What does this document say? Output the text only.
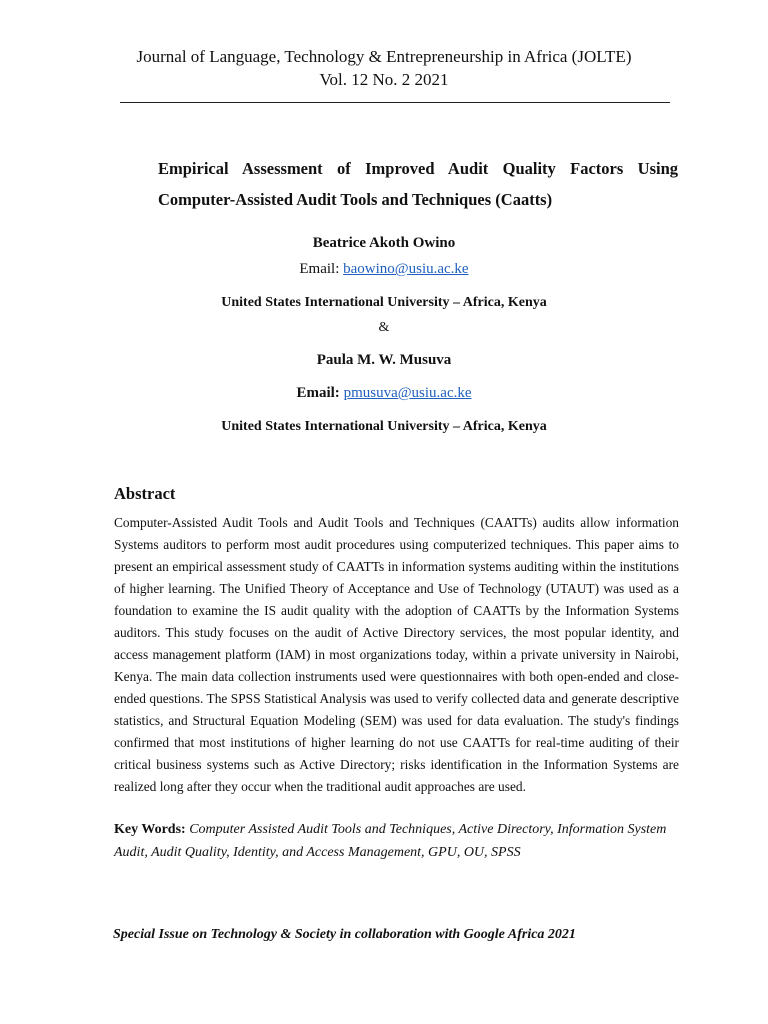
Journal of Language, Technology & Entrepreneurship in Africa (JOLTE)
Vol. 12 No. 2 2021
Empirical Assessment of Improved Audit Quality Factors Using
Computer-Assisted Audit Tools and Techniques (Caatts)
Beatrice Akoth Owino
Email: baowino@usiu.ac.ke
United States International University – Africa, Kenya
&
Paula M. W. Musuva
Email: pmusuva@usiu.ac.ke
United States International University – Africa, Kenya
Abstract
Computer-Assisted Audit Tools and Audit Tools and Techniques (CAATTs) audits allow information Systems auditors to perform most audit procedures using computerized techniques. This paper aims to present an empirical assessment study of CAATTs in information systems auditing within the institutions of higher learning. The Unified Theory of Acceptance and Use of Technology (UTAUT) was used as a foundation to examine the IS audit quality with the adoption of CAATTs by the Information Systems auditors. This study focuses on the audit of Active Directory services, the most popular identity, and access management platform (IAM) in most organizations today, within a private university in Nairobi, Kenya. The main data collection instruments used were questionnaires with both open-ended and close-ended questions. The SPSS Statistical Analysis was used to verify collected data and generate descriptive statistics, and Structural Equation Modeling (SEM) was used for data evaluation. The study's findings confirmed that most institutions of higher learning do not use CAATTs for real-time auditing of their critical business systems such as Active Directory; risks identification in the Information Systems are realized long after they occur when the traditional audit approaches are used.
Key Words: Computer Assisted Audit Tools and Techniques, Active Directory, Information System Audit, Audit Quality, Identity, and Access Management, GPU, OU, SPSS
Special Issue on Technology & Society in collaboration with Google Africa 2021
